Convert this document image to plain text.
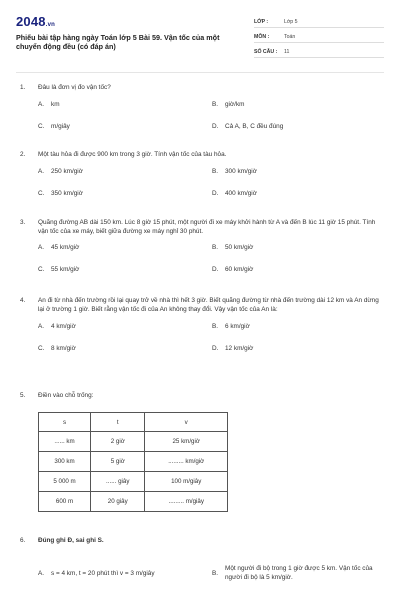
2048.vn
Phiếu bài tập hàng ngày Toán lớp 5 Bài 59. Vận tốc của một chuyển động đều (có đáp án)
LỚP :	Lớp 5
MÔN :	Toán
SỐ CÂU :	11
1.	Đâu là đơn vị đo vận tốc?
A.	km	B.	giờ/km
C.	m/giây	D.	Cả A, B, C đều đúng
2.	Một tàu hỏa đi được 900 km trong 3 giờ. Tính vận tốc của tàu hỏa.
A.	250 km/giờ	B.	300 km/giờ
C.	350 km/giờ	D.	400 km/giờ
3.	Quãng đường AB dài 150 km. Lúc 8 giờ 15 phút, một người đi xe máy khởi hành từ A và đến B lúc 11 giờ 15 phút. Tính vận tốc của xe máy, biết giữa đường xe máy nghỉ 30 phút.
A.	45 km/giờ	B.	50 km/giờ
C.	55 km/giờ	D.	60 km/giờ
4.	An đi từ nhà đến trường rồi lại quay trở về nhà thì hết 3 giờ. Biết quãng đường từ nhà đến trường dài 12 km và An dừng lại ở trường 1 giờ. Biết rằng vận tốc đi của An không thay đổi. Vậy vận tốc của An là:
A.	4 km/giờ	B.	6 km/giờ
C.	8 km/giờ	D.	12 km/giờ
5.	Điền vào chỗ trống:
s	t	v
...... km	2 giờ	25 km/giờ
300 km	5 giờ	......... km/giờ
5 000 m	...... giây	100 m/giây
600 m	20 giây	......... m/giây
6.	Đúng ghi Đ, sai ghi S.
A.	s = 4 km, t = 20 phút thì v = 3 m/giây	B.
Một người đi bộ trong 1 giờ được 5 km. Vận tốc của người đi bộ là 5 km/giờ.
